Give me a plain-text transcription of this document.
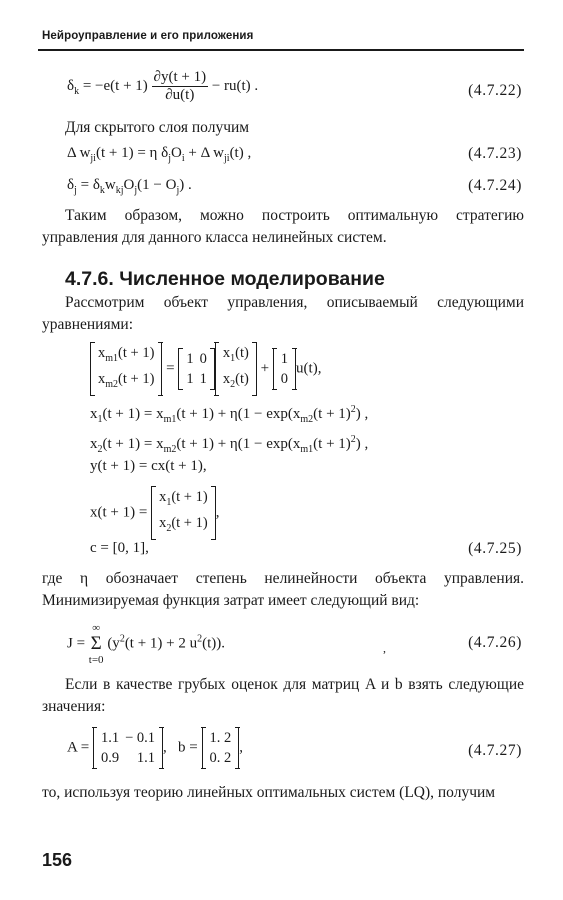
Нейроуправление и его приложения
$\delta_k = -e(t + 1) \frac{\partial y(t + 1)}{\partial u(t)} - ru(t)$ .	(4.7.22)
Для скрытого слоя получим
Δ $w_{ji}(t + 1) = \eta$ $\delta_jO_i + \Delta$ $w_{ji}(t)$ ,	(4.7.23)
$\delta_j = \delta_kw_{kj}O_j(1 - O_j)$ .	(4.7.24)
Таким образом, можно построить оптимальную стратегию управления для данного класса нелинейных систем.
4.7.6. Численное моделирование
Рассмотрим объект управления, описываемый следующими уравнениями:
$x_{m1}(t + 1)$
$x_{m2}(t + 1)$
=
1	0
1	1
$x_1(t)$
$x_2(t)$
+
1
0
u(t),
$x_1(t + 1) = x_{m1}(t + 1) + \eta(1 - \exp(x_{m2}(t + 1)^2)$ ,
$x_2(t + 1) = x_{m2}(t + 1) + \eta(1 - \exp(x_{m1}(t + 1)^2)$ ,
y(t + 1) = cx(t + 1),
x(t + 1) =
$x_1(t + 1)$
$x_2(t + 1)$
,
c = [0, 1],	(4.7.25)
где η обозначает степень нелинейности объекта управления. Минимизируемая функция затрат имеет следующий вид:
J =
∞
Σ
t=0
($y^2(t + 1) + 2$ $u^2(t)$).	,	(4.7.26)
Если в качестве грубых оценок для матриц A и b взять следующие значения:
A =
1.1	− 0.1
0.9	1.1
,   b =
1. 2
0. 2
,	(4.7.27)
то, используя теорию линейных оптимальных систем (LQ), получим
156
